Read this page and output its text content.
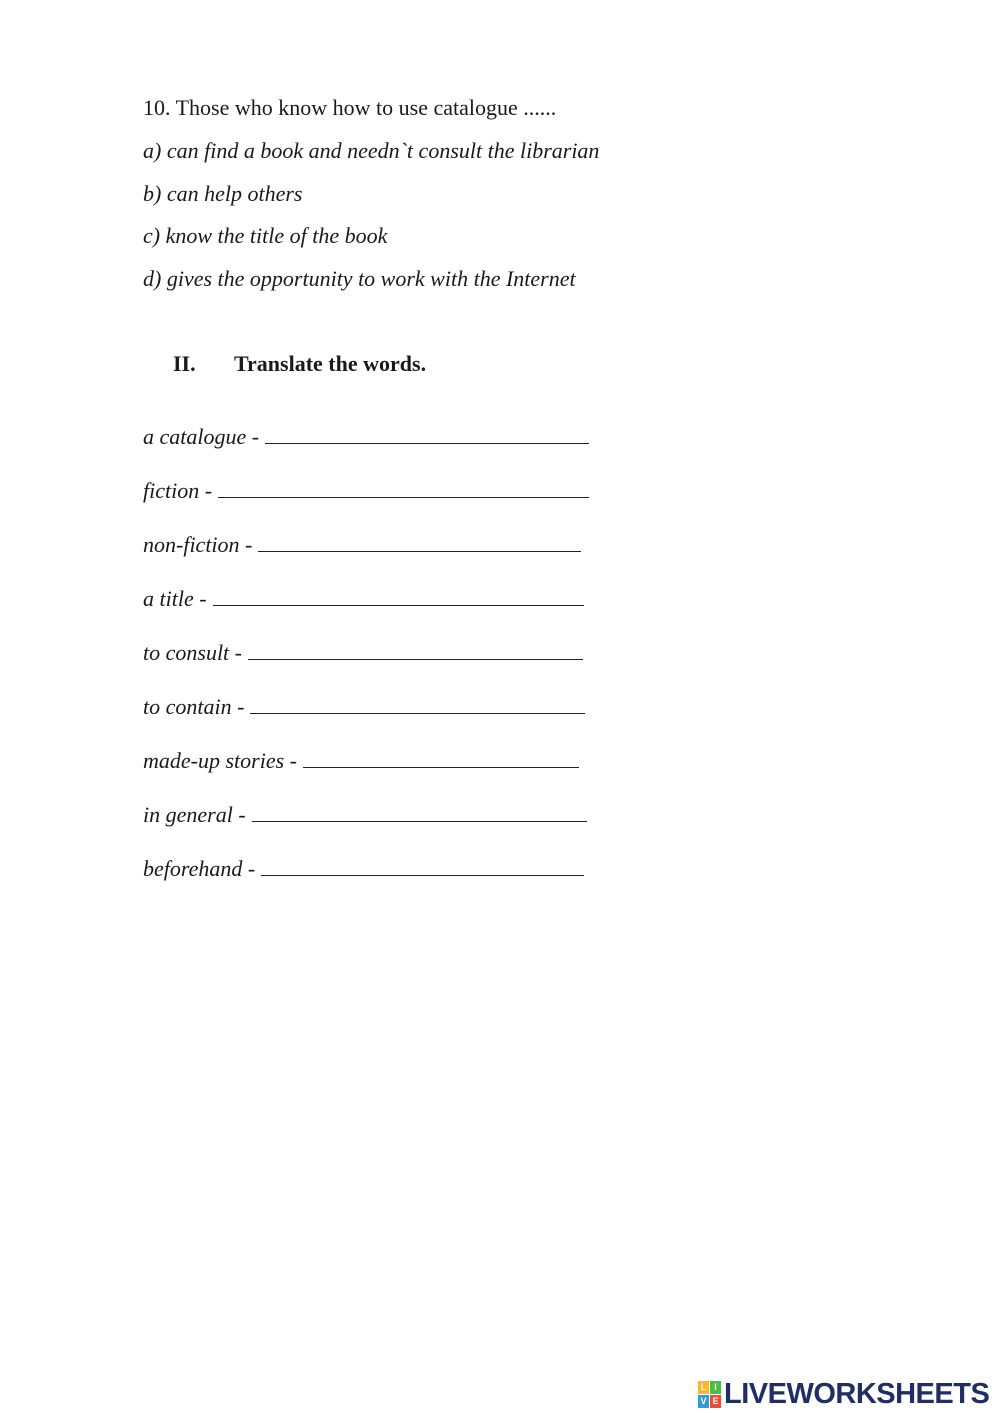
10. Those who know how to use catalogue ......
a) can find a book and needn`t consult the librarian
b) can help others
c) know the title of the book
d) gives the opportunity to work with the Internet
II. Translate the words.
a catalogue -
fiction -
non-fiction -
a title -
to consult -
to contain -
made-up stories -
in general -
beforehand -
L I
V E LIVEWORKSHEETS
